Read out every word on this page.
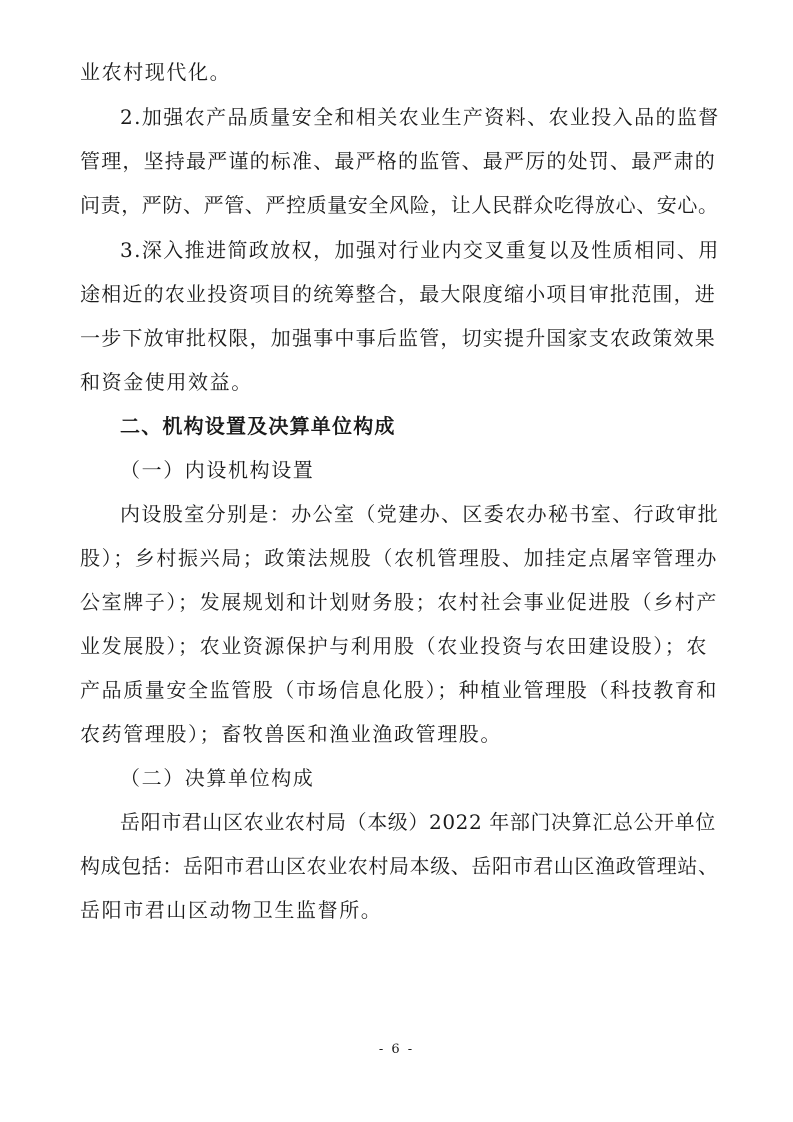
业农村现代化。
2.加强农产品质量安全和相关农业生产资料、农业投入品的监督
管理，坚持最严谨的标准、最严格的监管、最严厉的处罚、最严肃的
问责，严防、严管、严控质量安全风险，让人民群众吃得放心、安心。
3.深入推进简政放权，加强对行业内交叉重复以及性质相同、用
途相近的农业投资项目的统筹整合，最大限度缩小项目审批范围，进
一步下放审批权限，加强事中事后监管，切实提升国家支农政策效果
和资金使用效益。
二、机构设置及决算单位构成
（一）内设机构设置
内设股室分别是：办公室（党建办、区委农办秘书室、行政审批
股）；乡村振兴局；政策法规股（农机管理股、加挂定点屠宰管理办
公室牌子）；发展规划和计划财务股；农村社会事业促进股（乡村产
业发展股）；农业资源保护与利用股（农业投资与农田建设股）；农
产品质量安全监管股（市场信息化股）；种植业管理股（科技教育和
农药管理股）；畜牧兽医和渔业渔政管理股。
（二）决算单位构成
岳阳市君山区农业农村局（本级）2022 年部门决算汇总公开单位
构成包括：岳阳市君山区农业农村局本级、岳阳市君山区渔政管理站、
岳阳市君山区动物卫生监督所。
- 6 -
